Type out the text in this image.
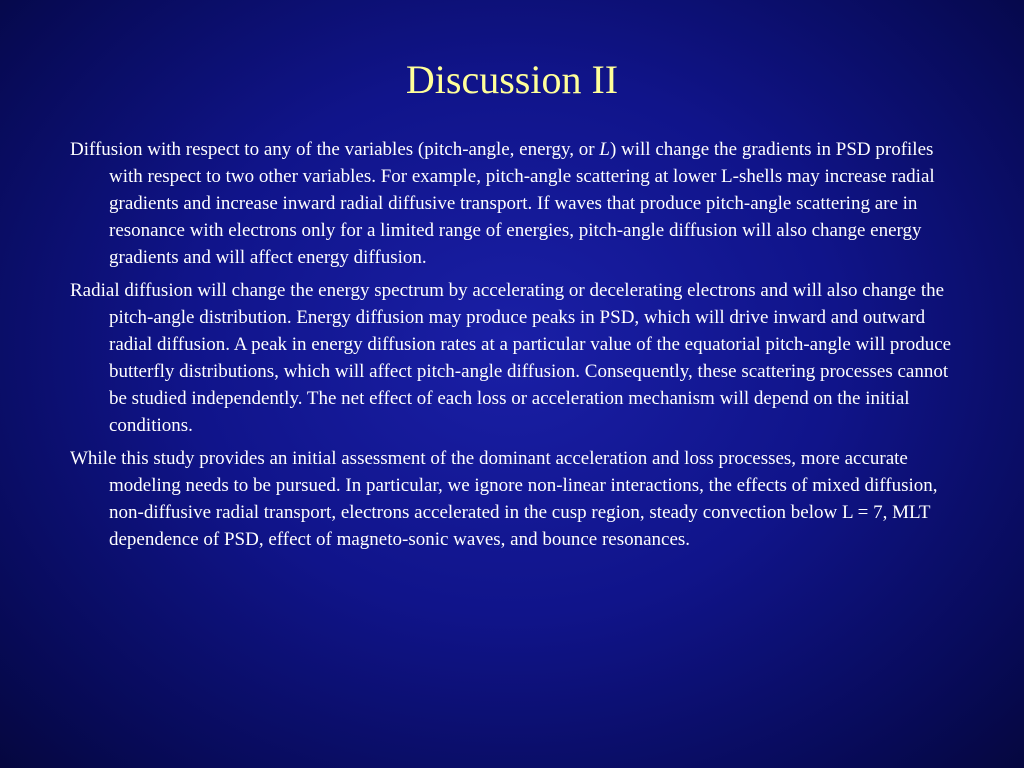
Discussion II

Diffusion with respect to any of the variables (pitch-angle, energy, or L) will change the gradients in PSD profiles with respect to two other variables. For example, pitch-angle scattering at lower L-shells may increase radial gradients and increase inward radial diffusive transport. If waves that produce pitch-angle scattering are in resonance with electrons only for a limited range of energies, pitch-angle diffusion will also change energy gradients and will affect energy diffusion.

Radial diffusion will change the energy spectrum by accelerating or decelerating electrons and will also change the pitch-angle distribution. Energy diffusion may produce peaks in PSD, which will drive inward and outward radial diffusion. A peak in energy diffusion rates at a particular value of the equatorial pitch-angle will produce butterfly distributions, which will affect pitch-angle diffusion. Consequently, these scattering processes cannot be studied independently. The net effect of each loss or acceleration mechanism will depend on the initial conditions.

While this study provides an initial assessment of the dominant acceleration and loss processes, more accurate modeling needs to be pursued. In particular, we ignore non-linear interactions, the effects of mixed diffusion, non-diffusive radial transport, electrons accelerated in the cusp region, steady convection below L = 7, MLT dependence of PSD, effect of magneto-sonic waves, and bounce resonances.
